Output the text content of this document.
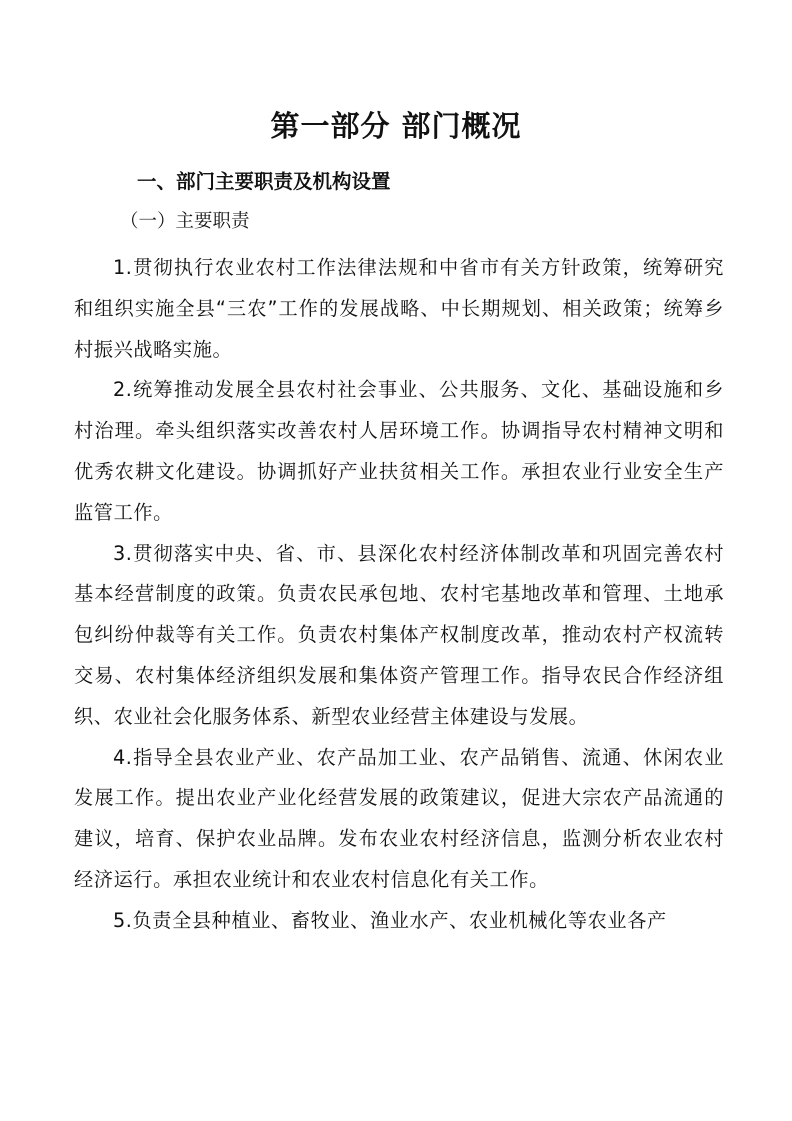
第一部分 部门概况
一、部门主要职责及机构设置
（一）主要职责

1.贯彻执行农业农村工作法律法规和中省市有关方针政策，统筹研究和组织实施全县“三农”工作的发展战略、中长期规划、相关政策；统筹乡村振兴战略实施。

2.统筹推动发展全县农村社会事业、公共服务、文化、基础设施和乡村治理。牵头组织落实改善农村人居环境工作。协调指导农村精神文明和优秀农耕文化建设。协调抓好产业扶贫相关工作。承担农业行业安全生产监管工作。

3.贯彻落实中央、省、市、县深化农村经济体制改革和巩固完善农村基本经营制度的政策。负责农民承包地、农村宅基地改革和管理、土地承包纠纷仲裁等有关工作。负责农村集体产权制度改革，推动农村产权流转交易、农村集体经济组织发展和集体资产管理工作。指导农民合作经济组织、农业社会化服务体系、新型农业经营主体建设与发展。

4.指导全县农业产业、农产品加工业、农产品销售、流通、休闲农业发展工作。提出农业产业化经营发展的政策建议，促进大宗农产品流通的建议，培育、保护农业品牌。发布农业农村经济信息，监测分析农业农村经济运行。承担农业统计和农业农村信息化有关工作。

5.负责全县种植业、畜牧业、渔业水产、农业机械化等农业各产
